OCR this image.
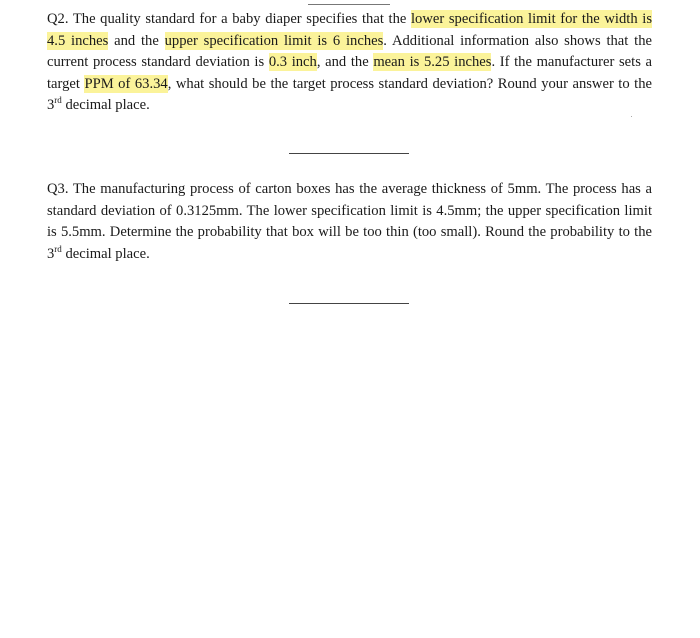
Q2. The quality standard for a baby diaper specifies that the lower specification limit for the width is 4.5 inches and the upper specification limit is 6 inches. Additional information also shows that the current process standard deviation is 0.3 inch, and the mean is 5.25 inches. If the manufacturer sets a target PPM of 63.34, what should be the target process standard deviation? Round your answer to the 3rd decimal place.

Q3. The manufacturing process of carton boxes has the average thickness of 5mm. The process has a standard deviation of 0.3125mm. The lower specification limit is 4.5mm; the upper specification limit is 5.5mm. Determine the probability that box will be too thin (too small). Round the probability to the 3rd decimal place.
